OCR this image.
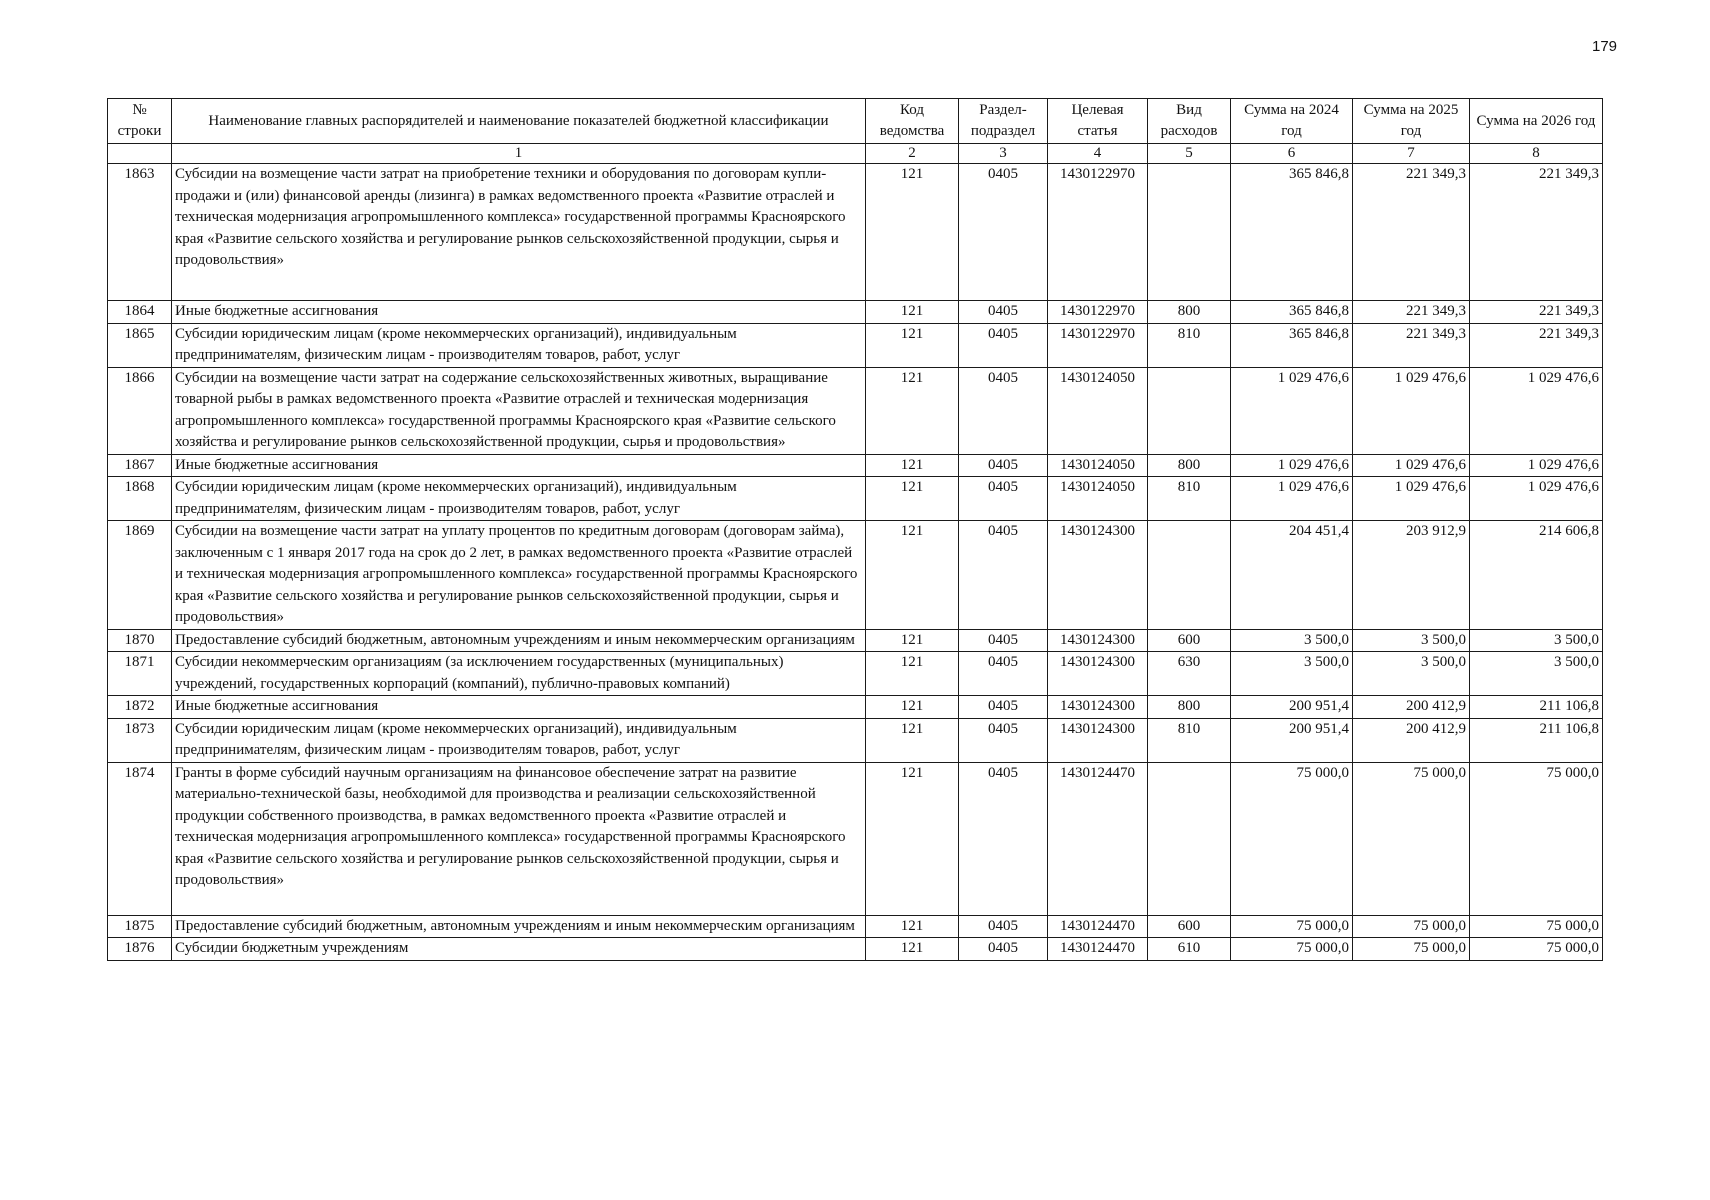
179
№ строки	Наименование главных распорядителей и наименование показателей бюджетной классификации	Код ведомства	Раздел-подраздел	Целевая статья	Вид расходов	Сумма на 2024 год	Сумма на 2025 год	Сумма на 2026 год
	1	2	3	4	5	6	7	8
1863	Субсидии на возмещение части затрат на приобретение техники и оборудования по договорам купли-продажи и (или) финансовой аренды (лизинга) в рамках ведомственного проекта «Развитие отраслей и техническая модернизация агропромышленного комплекса» государственной программы Красноярского края «Развитие сельского хозяйства и регулирование рынков сельскохозяйственной продукции, сырья и продовольствия»	121	0405	1430122970		365 846,8	221 349,3	221 349,3
1864	Иные бюджетные ассигнования	121	0405	1430122970	800	365 846,8	221 349,3	221 349,3
1865	Субсидии юридическим лицам (кроме некоммерческих организаций), индивидуальным предпринимателям, физическим лицам - производителям товаров, работ, услуг	121	0405	1430122970	810	365 846,8	221 349,3	221 349,3
1866	Субсидии на возмещение части затрат на содержание сельскохозяйственных животных, выращивание товарной рыбы в рамках ведомственного проекта «Развитие отраслей и техническая модернизация агропромышленного комплекса» государственной программы Красноярского края «Развитие сельского хозяйства и регулирование рынков сельскохозяйственной продукции, сырья и продовольствия»	121	0405	1430124050		1 029 476,6	1 029 476,6	1 029 476,6
1867	Иные бюджетные ассигнования	121	0405	1430124050	800	1 029 476,6	1 029 476,6	1 029 476,6
1868	Субсидии юридическим лицам (кроме некоммерческих организаций), индивидуальным предпринимателям, физическим лицам - производителям товаров, работ, услуг	121	0405	1430124050	810	1 029 476,6	1 029 476,6	1 029 476,6
1869	Субсидии на возмещение части затрат на уплату процентов по кредитным договорам (договорам займа), заключенным с 1 января 2017 года на срок до 2 лет, в рамках ведомственного проекта «Развитие отраслей и техническая модернизация агропромышленного комплекса» государственной программы Красноярского края «Развитие сельского хозяйства и регулирование рынков сельскохозяйственной продукции, сырья и продовольствия»	121	0405	1430124300		204 451,4	203 912,9	214 606,8
1870	Предоставление субсидий бюджетным, автономным учреждениям и иным некоммерческим организациям	121	0405	1430124300	600	3 500,0	3 500,0	3 500,0
1871	Субсидии некоммерческим организациям (за исключением государственных (муниципальных) учреждений, государственных корпораций (компаний), публично-правовых компаний)	121	0405	1430124300	630	3 500,0	3 500,0	3 500,0
1872	Иные бюджетные ассигнования	121	0405	1430124300	800	200 951,4	200 412,9	211 106,8
1873	Субсидии юридическим лицам (кроме некоммерческих организаций), индивидуальным предпринимателям, физическим лицам - производителям товаров, работ, услуг	121	0405	1430124300	810	200 951,4	200 412,9	211 106,8
1874	Гранты в форме субсидий научным организациям на финансовое обеспечение затрат на развитие материально-технической базы, необходимой для производства и реализации сельскохозяйственной продукции собственного производства, в рамках ведомственного проекта «Развитие отраслей и техническая модернизация агропромышленного комплекса» государственной программы Красноярского края «Развитие сельского хозяйства и регулирование рынков сельскохозяйственной продукции, сырья и продовольствия»	121	0405	1430124470		75 000,0	75 000,0	75 000,0
1875	Предоставление субсидий бюджетным, автономным учреждениям и иным некоммерческим организациям	121	0405	1430124470	600	75 000,0	75 000,0	75 000,0
1876	Субсидии бюджетным учреждениям	121	0405	1430124470	610	75 000,0	75 000,0	75 000,0
